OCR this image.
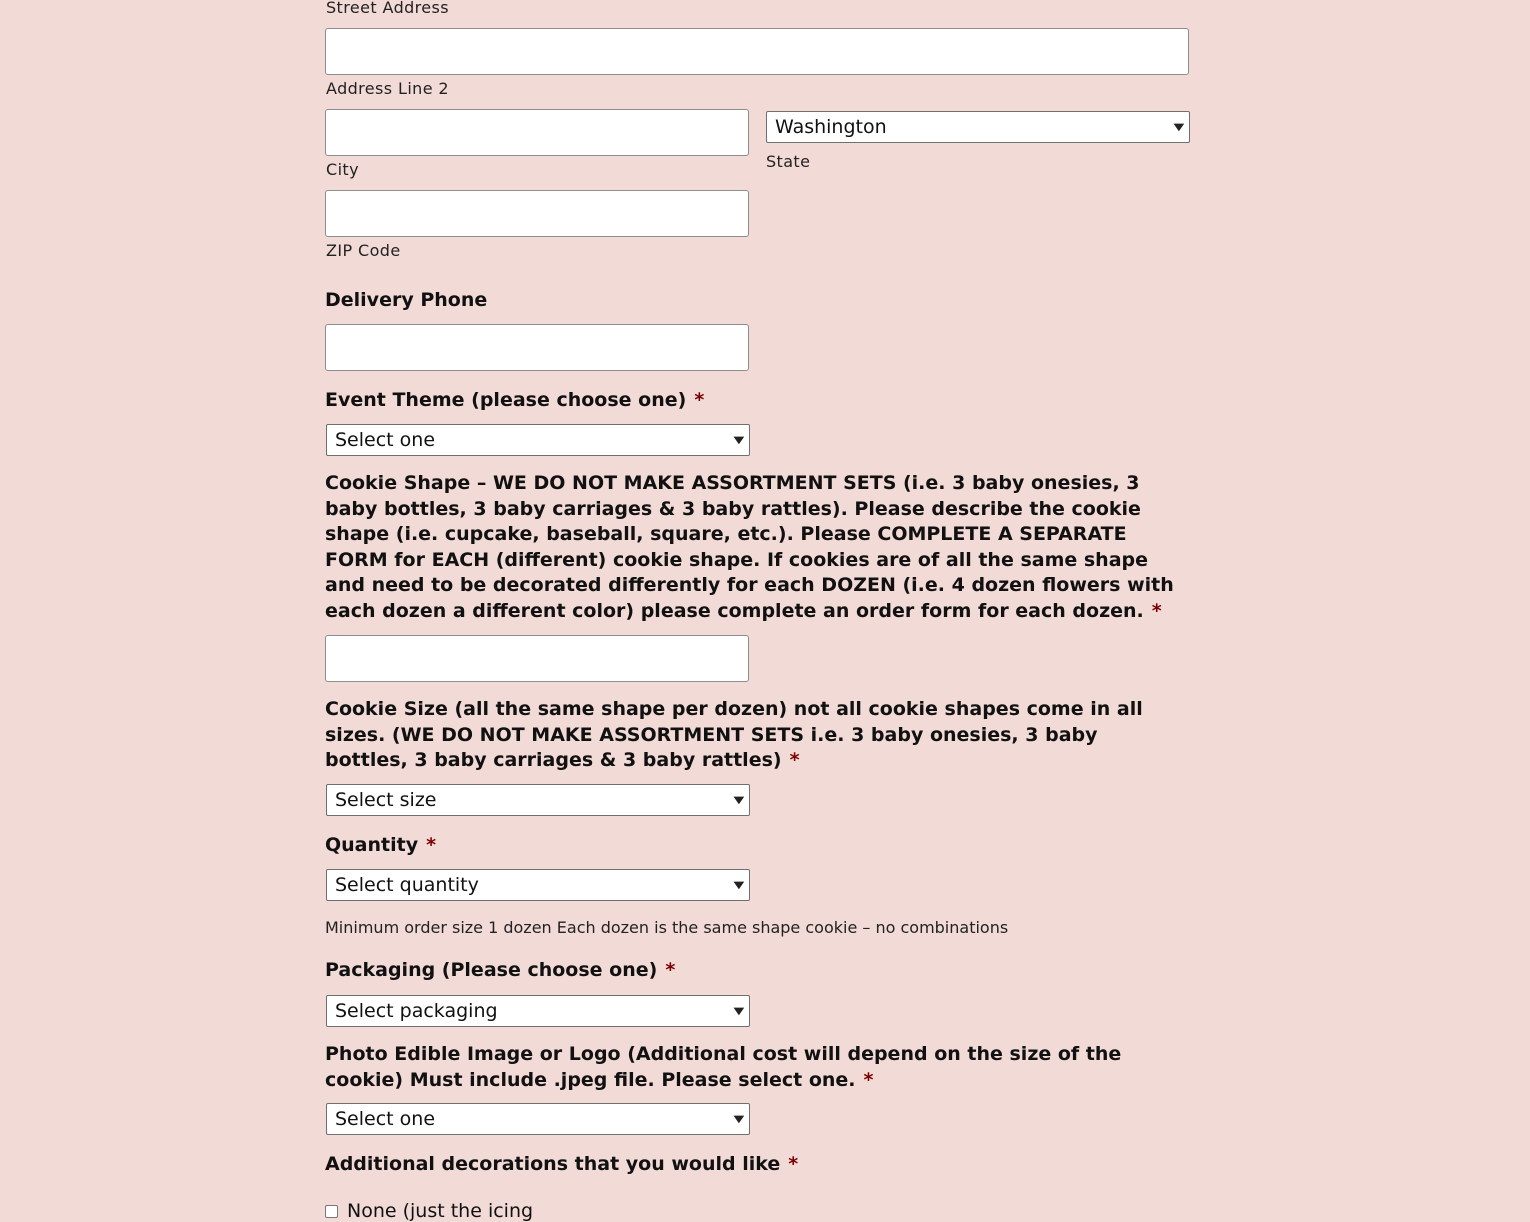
Street Address
Address Line 2
Washington	▼
State
City
ZIP Code
Delivery Phone
Event Theme (please choose one) *
Select one	▼
Cookie Shape – WE DO NOT MAKE ASSORTMENT SETS (i.e. 3 baby onesies, 3 baby bottles, 3 baby carriages & 3 baby rattles). Please describe the cookie shape (i.e. cupcake, baseball, square, etc.). Please COMPLETE A SEPARATE FORM for EACH (different) cookie shape. If cookies are of all the same shape and need to be decorated differently for each DOZEN (i.e. 4 dozen flowers with each dozen a different color) please complete an order form for each dozen. *
Cookie Size (all the same shape per dozen) not all cookie shapes come in all sizes. (WE DO NOT MAKE ASSORTMENT SETS i.e. 3 baby onesies, 3 baby bottles, 3 baby carriages & 3 baby rattles) *
Select size	▼
Quantity *
Select quantity	▼
Minimum order size 1 dozen Each dozen is the same shape cookie – no combinations
Packaging (Please choose one) *
Select packaging	▼
Photo Edible Image or Logo (Additional cost will depend on the size of the cookie) Must include .jpeg file. Please select one. *
Select one	▼
Additional decorations that you would like *
None (just the icing
